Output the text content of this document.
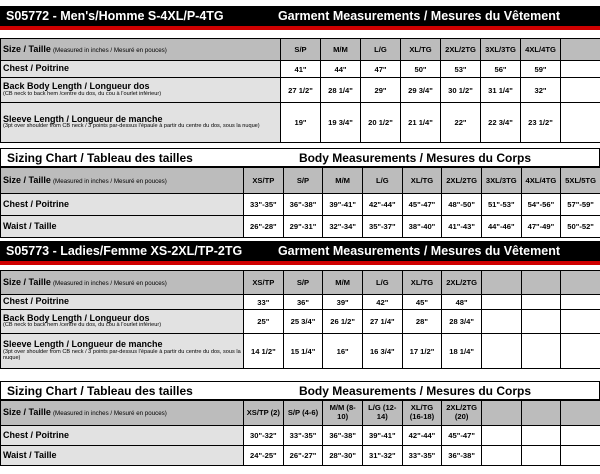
S05772 - Men's/Homme S-4XL/P-4TG	Garment Measurements / Mesures du Vêtement
Size / Taille (Measured in inches / Mesuré en pouces)	S/P	M/M	L/G	XL/TG	2XL/2TG	3XL/3TG	4XL/4TG	

Chest / Poitrine	41"	44"	47"	50"	53"	56"	59"	

Back Body Length / Longueur dos
(CB neck to back hem /centre du dos, du cou à l'ourlet inférieur)	27 1/2"	28 1/4"	29"	29 3/4"	30 1/2"	31 1/4"	32"	

Sleeve Length / Longueur de manche
(3pt over shoulder from CB neck / 3 points par-dessus l'épaule à partir du centre du dos, sous la nuque)	19"	19 3/4"	20 1/2"	21 1/4"	22"	22 3/4"	23 1/2"	
Sizing Chart / Tableau des tailles	Body Measurements / Mesures du Corps
Size / Taille (Measured in inches / Mesuré en pouces)	XS/TP	S/P	M/M	L/G	XL/TG	2XL/2TG	3XL/3TG	4XL/4TG	5XL/5TG

Chest / Poitrine	33"-35"	36"-38"	39"-41"	42"-44"	45"-47"	48"-50"	51"-53"	54"-56"	57"-59"

Waist / Taille	26"-28"	29"-31"	32"-34"	35"-37"	38"-40"	41"-43"	44"-46"	47"-49"	50"-52"
S05773 - Ladies/Femme XS-2XL/TP-2TG	Garment Measurements / Mesures du Vêtement
Size / Taille (Measured in inches / Mesuré en pouces)	XS/TP	S/P	M/M	L/G	XL/TG	2XL/2TG			

Chest / Poitrine	33"	36"	39"	42"	45"	48"			

Back Body Length / Longueur dos
(CB neck to back hem /centre du dos, du cou à l'ourlet inférieur)	25"	25 3/4"	26 1/2"	27 1/4"	28"	28 3/4"			

Sleeve Length / Longueur de manche
(3pt over shoulder from CB neck / 3 points par-dessus l'épaule à partir du centre du dos, sous la nuque)	14 1/2"	15 1/4"	16"	16 3/4"	17 1/2"	18 1/4"			
Sizing Chart / Tableau des tailles	Body Measurements / Mesures du Corps
Size / Taille (Measured in inches / Mesuré en pouces)	XS/TP (2)	S/P (4-6)	M/M (8-10)	L/G (12-14)	XL/TG (16-18)	2XL/2TG (20)			

Chest / Poitrine	30"-32"	33"-35"	36"-38"	39"-41"	42"-44"	45"-47"			

Waist / Taille	24"-25"	26"-27"	28"-30"	31"-32"	33"-35"	36"-38"			
